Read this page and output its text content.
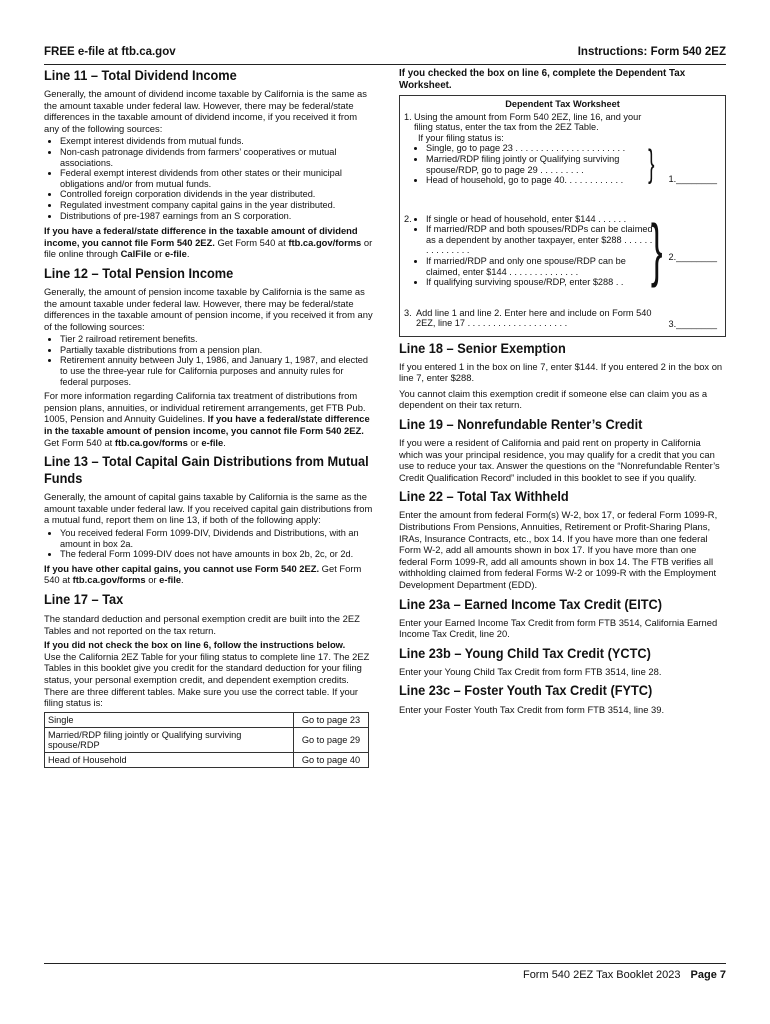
FREE e-file at ftb.ca.gov	Instructions: Form 540 2EZ
Line 11 – Total Dividend Income

Generally, the amount of dividend income taxable by California is the same as the amount taxable under federal law. However, there may be federal/state differences in the taxable amount of dividend income, if you received it from any of the following sources:

• Exempt interest dividends from mutual funds.
• Non-cash patronage dividends from farmers’ cooperatives or mutual associations.
• Federal exempt interest dividends from other states or their municipal obligations and/or from mutual funds.
• Controlled foreign corporation dividends in the year distributed.
• Regulated investment company capital gains in the year distributed.
• Distributions of pre-1987 earnings from an S corporation.

If you have a federal/state difference in the taxable amount of dividend income, you cannot file Form 540 2EZ. Get Form 540 at ftb.ca.gov/forms or file online through CalFile or e-file.

Line 12 – Total Pension Income

Generally, the amount of pension income taxable by California is the same as the amount taxable under federal law. However, there may be federal/state differences in the taxable amount of pension income, if you received it from any of the following sources:

• Tier 2 railroad retirement benefits.
• Partially taxable distributions from a pension plan.
• Retirement annuity between July 1, 1986, and January 1, 1987, and elected to use the three-year rule for California purposes and annuity rules for federal purposes.

For more information regarding California tax treatment of distributions from pension plans, annuities, or individual retirement arrangements, get FTB Pub. 1005, Pension and Annuity Guidelines. If you have a federal/state difference in the taxable amount of pension income, you cannot file Form 540 2EZ. Get Form 540 at ftb.ca.gov/forms or e-file.

Line 13 – Total Capital Gain Distributions from Mutual Funds

Generally, the amount of capital gains taxable by California is the same as the amount taxable under federal law. If you received capital gain distributions from a mutual fund, report them on line 13, if both of the following apply:

• You received federal Form 1099-DIV, Dividends and Distributions, with an amount in box 2a.
• The federal Form 1099-DIV does not have amounts in box 2b, 2c, or 2d.

If you have other capital gains, you cannot use Form 540 2EZ. Get Form 540 at ftb.ca.gov/forms or e-file.

Line 17 – Tax

The standard deduction and personal exemption credit are built into the 2EZ Tables and not reported on the tax return.

If you did not check the box on line 6, follow the instructions below.

Use the California 2EZ Table for your filing status to complete line 17. The 2EZ Tables in this booklet give you credit for the standard deduction for your filing status, your personal exemption credit, and dependent exemption credits. There are three different tables. Make sure you use the correct table. If your filing status is:

Single	Go to page 23
Married/RDP filing jointly or Qualifying surviving spouse/RDP	Go to page 29
Head of Household	Go to page 40

If you checked the box on line 6, complete the Dependent Tax Worksheet.

Dependent Tax Worksheet
1. Using the amount from Form 540 2EZ, line 16, and your filing status, enter the tax from the 2EZ Table.
If your filing status is:
• Single, go to page 23 . . . . . . . . . . . . . . . . . . . . . .
• Married/RDP filing jointly or Qualifying surviving spouse/RDP, go to page 29 . . . . . . . . .
• Head of household, go to page 40. . . . . . . . . . . . } 1.________
2. • If single or head of household, enter $144 . . . . . .
• If married/RDP and both spouses/RDPs can be claimed as a dependent by another taxpayer, enter $288 . . . . . . . . . . . . . . .
• If married/RDP and only one spouse/RDP can be claimed, enter $144 . . . . . . . . . . . . . .
• If qualifying surviving spouse/RDP, enter $288 . . } 2.________
3. Add line 1 and line 2. Enter here and include on Form 540 2EZ, line 17 . . . . . . . . . . . . . . . . . . . .	3.________
Line 18 – Senior Exemption

If you entered 1 in the box on line 7, enter $144. If you entered 2 in the box on line 7, enter $288.

You cannot claim this exemption credit if someone else can claim you as a dependent on their tax return.

Line 19 – Nonrefundable Renter’s Credit

If you were a resident of California and paid rent on property in California which was your principal residence, you may qualify for a credit that you can use to reduce your tax. Answer the questions on the “Nonrefundable Renter’s Credit Qualification Record” included in this booklet to see if you qualify.

Line 22 – Total Tax Withheld

Enter the amount from federal Form(s) W-2, box 17, or federal Form 1099-R, Distributions From Pensions, Annuities, Retirement or Profit-Sharing Plans, IRAs, Insurance Contracts, etc., box 14. If you have more than one federal Form W-2, add all amounts shown in box 17. If you have more than one federal Form 1099-R, add all amounts shown in box 14. The FTB verifies all withholding claimed from federal Forms W-2 or 1099-R with the Employment Development Department (EDD).

Line 23a – Earned Income Tax Credit (EITC)

Enter your Earned Income Tax Credit from form FTB 3514, California Earned Income Tax Credit, line 20.

Line 23b – Young Child Tax Credit (YCTC)

Enter your Young Child Tax Credit from form FTB 3514, line 28.

Line 23c – Foster Youth Tax Credit (FYTC)

Enter your Foster Youth Tax Credit from form FTB 3514, line 39.

Form 540 2EZ Tax Booklet 2023 Page 7
